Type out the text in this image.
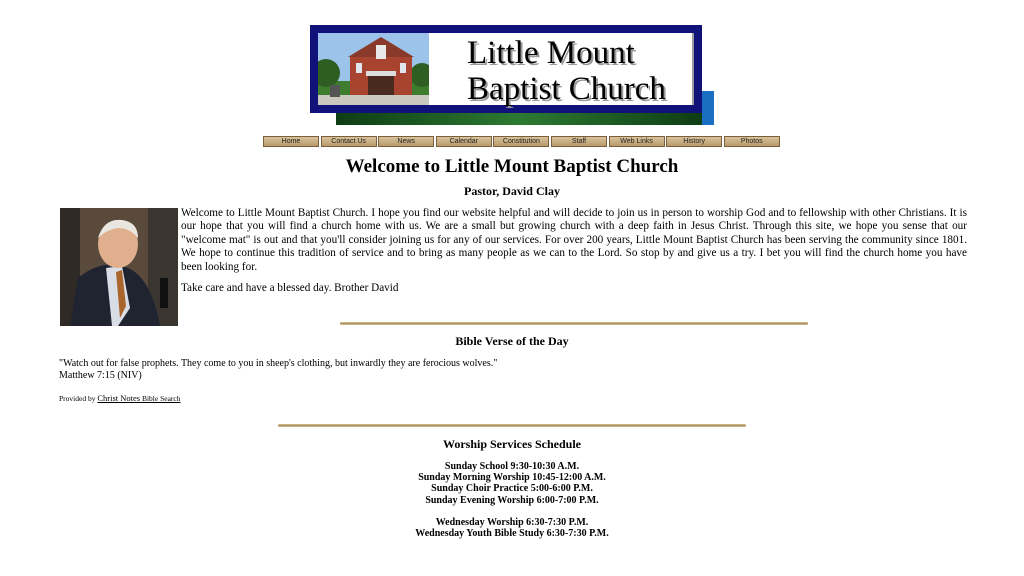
Little Mount
Baptist Church
Home	Contact Us	News	Calendar	Constitution	Staff	Web Links	History	Photos
Welcome to Little Mount Baptist Church
Pastor, David Clay
Welcome to Little Mount Baptist Church. I hope you find our website helpful and will decide to join us in person to worship God and to fellowship with other Christians. It is our hope that you will find a church home with us. We are a small but growing church with a deep faith in Jesus Christ. Through this site, we hope you sense that our "welcome mat" is out and that you'll consider joining us for any of our services. For over 200 years, Little Mount Baptist Church has been serving the community since 1801. We hope to continue this tradition of service and to bring as many people as we can to the Lord. So stop by and give us a try. I bet you will find the church home you have been looking for.
Take care and have a blessed day. Brother David
Bible Verse of the Day
"Watch out for false prophets. They come to you in sheep's clothing, but inwardly they are ferocious wolves."
Matthew 7:15 (NIV)
Provided by Christ Notes Bible Search
Worship Services Schedule
Sunday School 9:30-10:30 A.M.
Sunday Morning Worship 10:45-12:00 A.M.
Sunday Choir Practice 5:00-6:00 P.M.
Sunday Evening Worship 6:00-7:00 P.M.
Wednesday Worship 6:30-7:30 P.M.
Wednesday Youth Bible Study 6:30-7:30 P.M.
